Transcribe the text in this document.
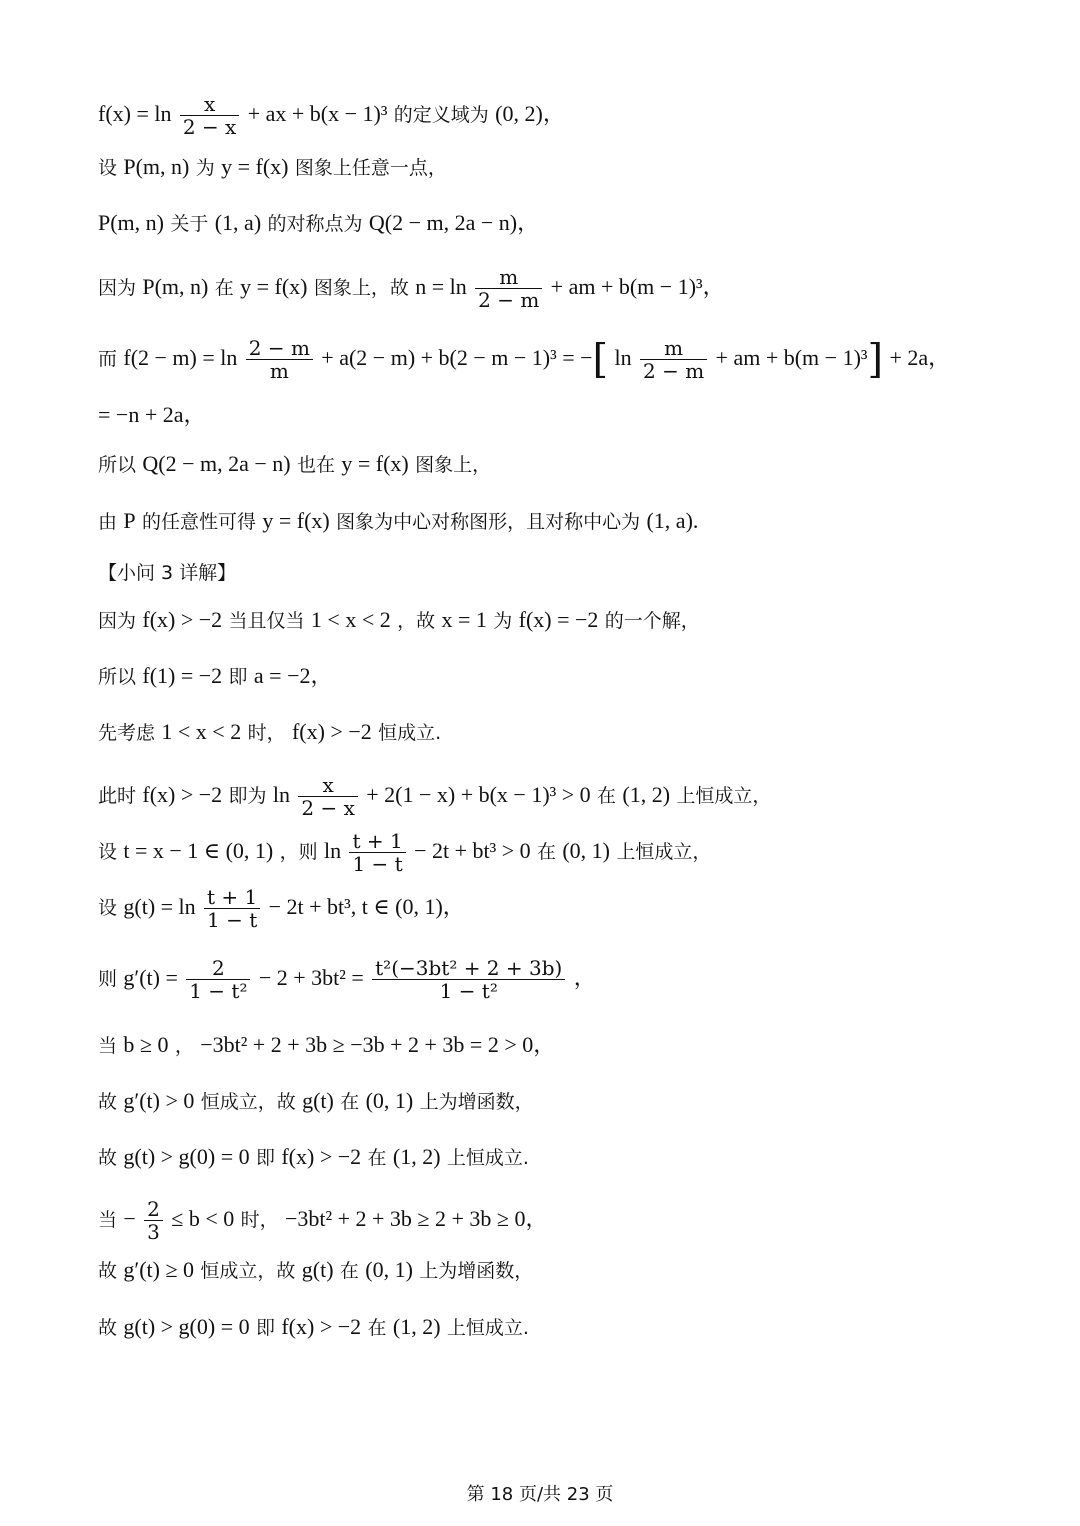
$f(x) = \ln \frac{x}{2 - x}$ + ax + b(x − 1)³ 的定义域为 (0, 2)，
设 P(m, n) 为 y = f(x) 图象上任意一点，
P(m, n) 关于 (1, a) 的对称点为 Q(2 − m, 2a − n)，
因为 P(m, n) 在 y = f(x) 图象上，故 $n = \ln \frac{m}{2 - m}$ + am + b(m − 1)³，
而 $f(2 - m) = \ln \frac{2 - m}{m} + a(2 - m) + b(2 - m - 1)^3$ = −[ $\ln \frac{m}{2 - m}$ + am + b(m − 1)³] + 2a，
= −n + 2a，
所以 Q(2 − m, 2a − n) 也在 y = f(x) 图象上，
由 P 的任意性可得 y = f(x) 图象为中心对称图形，且对称中心为 (1, a).
【小问 3 详解】
因为 f(x) > −2 当且仅当 1 < x < 2 ，故 x = 1 为 f(x) = −2 的一个解，
所以 f(1) = −2 即 a = −2，
先考虑 1 < x < 2 时， f(x) > −2 恒成立.
此时 f(x) > −2 即为 $\ln \frac{x}{2 - x} + 2(1 - x) + b(x - 1)^3 > 0$ 在 (1, 2) 上恒成立，
设 t = x − 1 ∈ (0, 1) ，则 $\ln \frac{t + 1}{1 - t} - 2t + bt^3 > 0$ 在 (0, 1) 上恒成立，
设 $g(t) = \ln \frac{t + 1}{1 - t} - 2t + bt^3$, t ∈ (0, 1)，
则 $g'(t) = \frac{2}{\text{1 − t²}} - 2 + 3bt^2 = \frac{\text{t²(−3bt² + 2 + 3b)}}{\text{1 − t²}}$ ，
当 b ≥ 0 ， −3bt² + 2 + 3b ≥ −3b + 2 + 3b = 2 > 0，
故 g′(t) > 0 恒成立，故 g(t) 在 (0, 1) 上为增函数，
故 g(t) > g(0) = 0 即 f(x) > −2 在 (1, 2) 上恒成立.
当 − $\frac{2}{3} \le b < 0$ 时， −3bt² + 2 + 3b ≥ 2 + 3b ≥ 0，
故 g′(t) ≥ 0 恒成立，故 g(t) 在 (0, 1) 上为增函数，
故 g(t) > g(0) = 0 即 f(x) > −2 在 (1, 2) 上恒成立.
第 18 页/共 23 页
